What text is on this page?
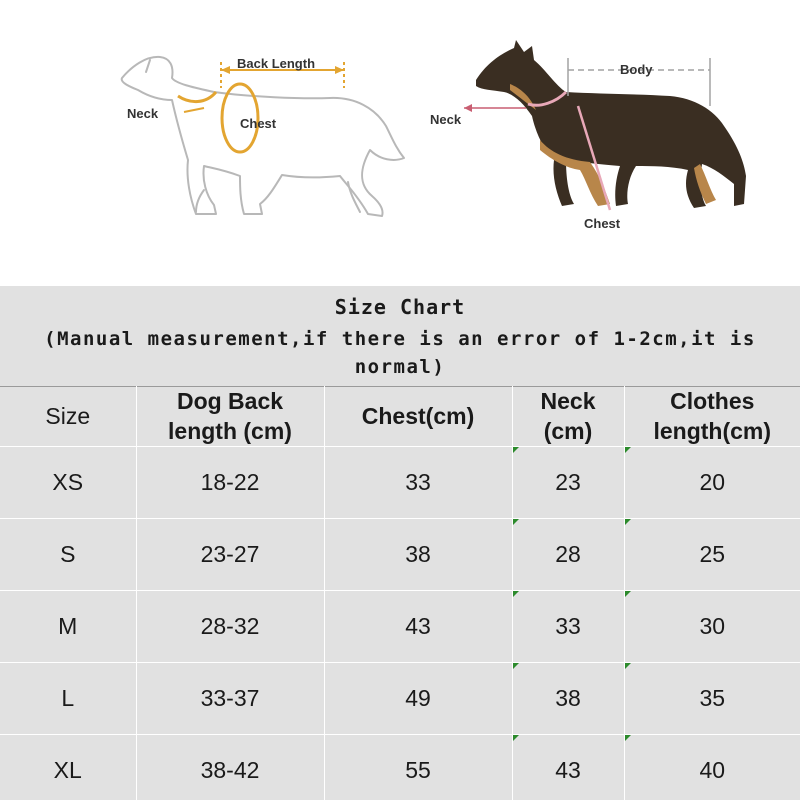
Back Length
Neck
Chest
Body
Neck
Chest
Size Chart
(Manual measurement,if there is an error of 1-2cm,it is normal)
Size	Dog Back length (cm)	Chest(cm)	Neck (cm)	Clothes length(cm)
XS	18-22	33	23	20
S	23-27	38	28	25
M	28-32	43	33	30
L	33-37	49	38	35
XL	38-42	55	43	40
